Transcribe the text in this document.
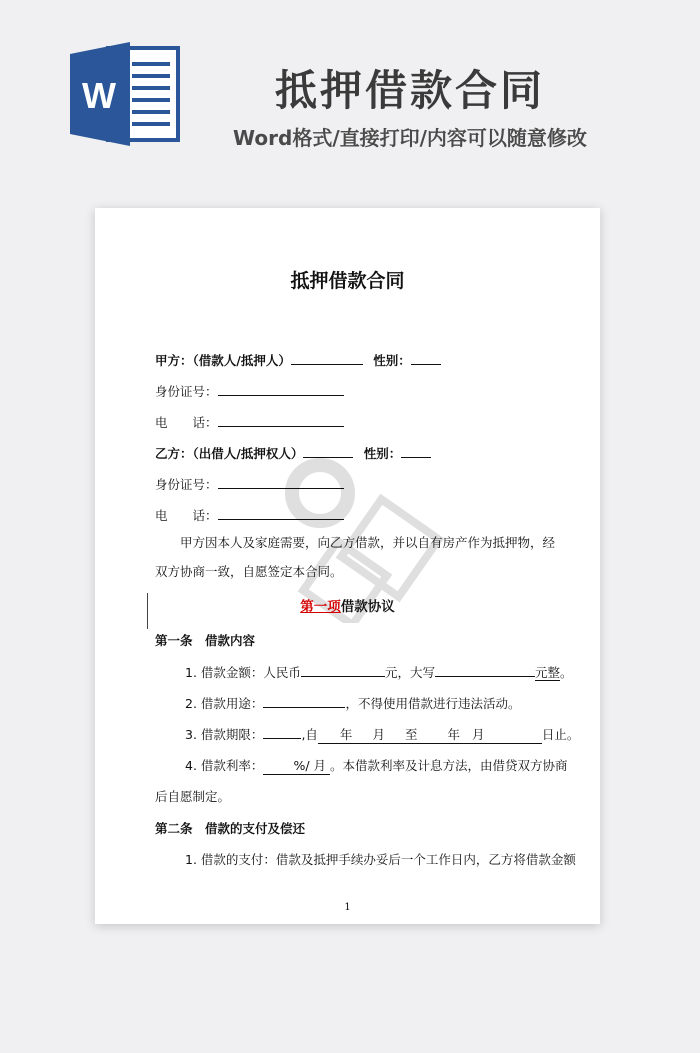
W	抵押借款合同
Word格式/直接打印/内容可以随意修改
抵押借款合同
甲方：（借款人/抵押人）	性别：
身份证号：
电　　话：
乙方：（出借人/抵押权人）	性别：
身份证号：
电　　话：
甲方因本人及家庭需要，向乙方借款，并以自有房产作为抵押物，经双方协商一致，自愿签定本合同。
第一项借款协议
第一条　借款内容
1. 借款金额：人民币	元，大写	元整。
2. 借款用途：	，不得使用借款进行违法活动。
3. 借款期限：	,自 年 月 至 年 月	日止。
4. 借款利率： %/ 月 。本借款利率及计息方法，由借贷双方协商
后自愿制定。
第二条　借款的支付及偿还
1. 借款的支付：借款及抵押手续办妥后一个工作日内，乙方将借款金额
1
